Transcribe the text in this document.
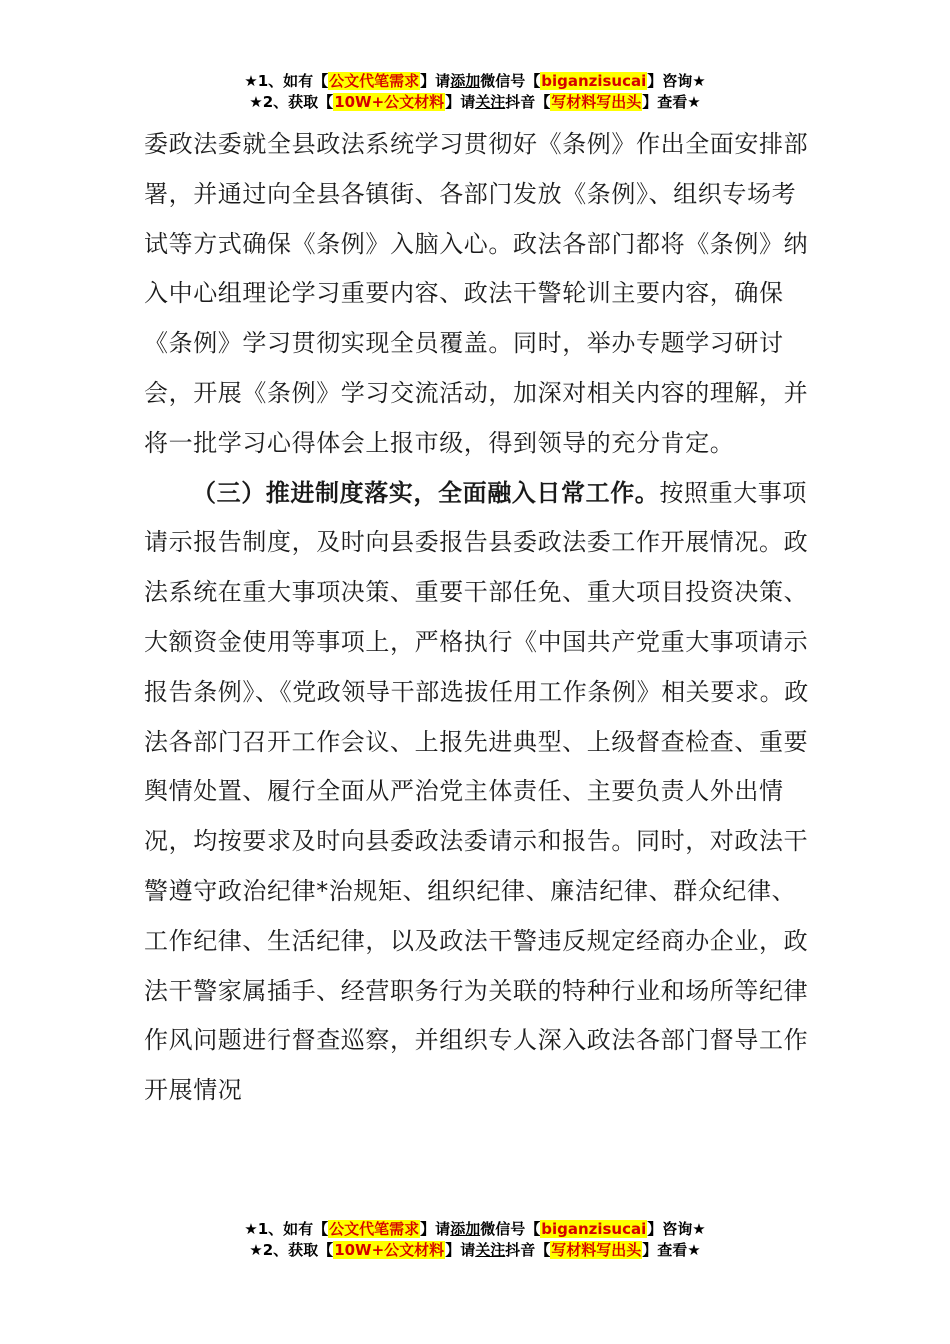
★1、如有【公文代笔需求】请添加微信号【biganzisucai】咨询★
★2、获取【10W+公文材料】请关注抖音【写材料写出头】查看★

委政法委就全县政法系统学习贯彻好《条例》作出全面安排部署，并通过向全县各镇街、各部门发放《条例》、组织专场考试等方式确保《条例》入脑入心。政法各部门都将《条例》纳入中心组理论学习重要内容、政法干警轮训主要内容，确保《条例》学习贯彻实现全员覆盖。同时，举办专题学习研讨会，开展《条例》学习交流活动，加深对相关内容的理解，并将一批学习心得体会上报市级，得到领导的充分肯定。

（三）推进制度落实，全面融入日常工作。按照重大事项请示报告制度，及时向县委报告县委政法委工作开展情况。政法系统在重大事项决策、重要干部任免、重大项目投资决策、大额资金使用等事项上，严格执行《中国共产党重大事项请示报告条例》、《党政领导干部选拔任用工作条例》相关要求。政法各部门召开工作会议、上报先进典型、上级督查检查、重要舆情处置、履行全面从严治党主体责任、主要负责人外出情况，均按要求及时向县委政法委请示和报告。同时，对政法干警遵守政治纪律*治规矩、组织纪律、廉洁纪律、群众纪律、工作纪律、生活纪律，以及政法干警违反规定经商办企业，政法干警家属插手、经营职务行为关联的特种行业和场所等纪律作风问题进行督查巡察，并组织专人深入政法各部门督导工作开展情况

★1、如有【公文代笔需求】请添加微信号【biganzisucai】咨询★
★2、获取【10W+公文材料】请关注抖音【写材料写出头】查看★
